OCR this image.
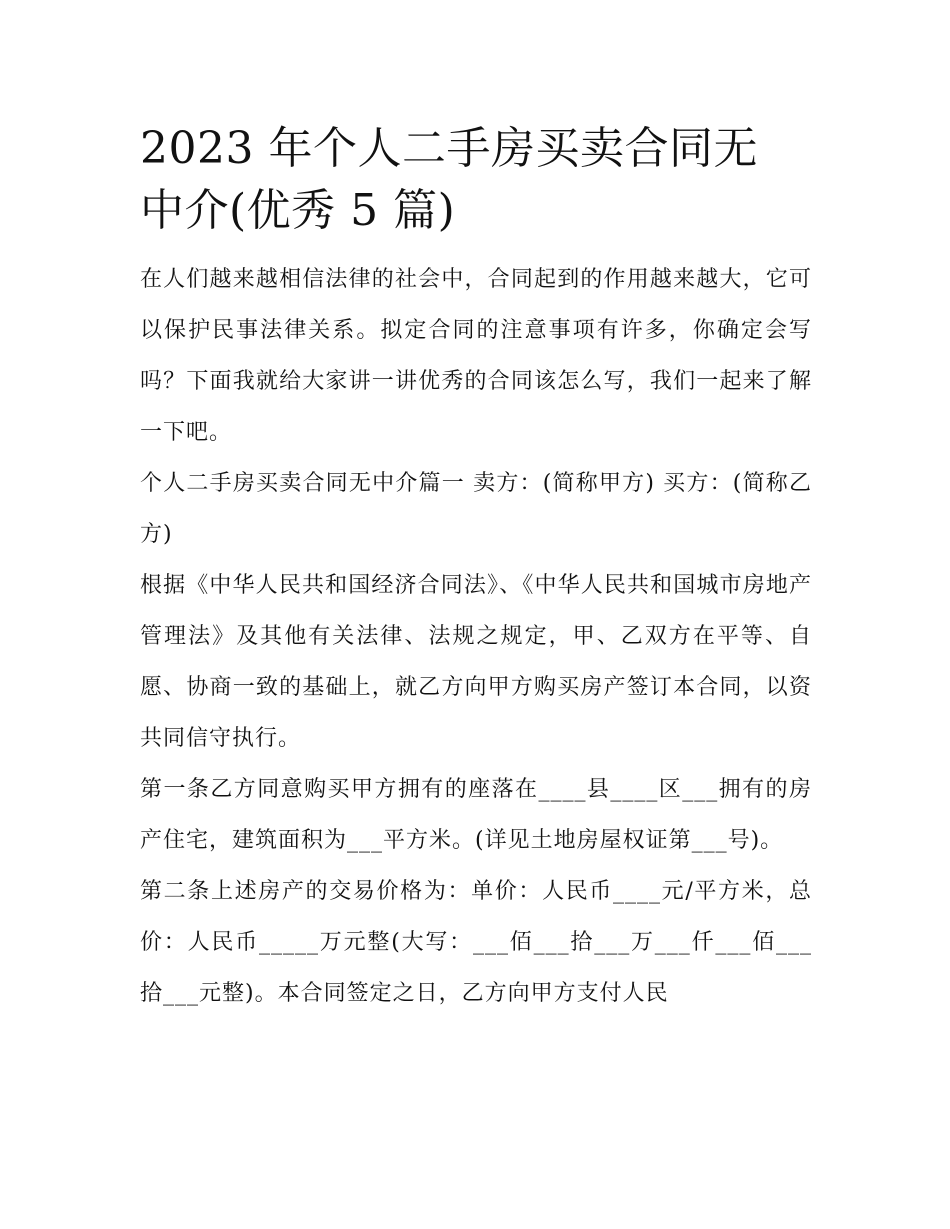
2023 年个人二手房买卖合同无
中介(优秀 5 篇)

在人们越来越相信法律的社会中，合同起到的作用越来越大，它可以保护民事法律关系。拟定合同的注意事项有许多，你确定会写吗？下面我就给大家讲一讲优秀的合同该怎么写，我们一起来了解一下吧。

个人二手房买卖合同无中介篇一 卖方：(简称甲方) 买方：(简称乙方)

根据《中华人民共和国经济合同法》、《中华人民共和国城市房地产管理法》及其他有关法律、法规之规定，甲、乙双方在平等、自愿、协商一致的基础上，就乙方向甲方购买房产签订本合同，以资共同信守执行。

第一条乙方同意购买甲方拥有的座落在____县____区___拥有的房产住宅，建筑面积为___平方米。(详见土地房屋权证第___号)。

第二条上述房产的交易价格为：单价：人民币____元/平方米，总价：人民币_____万元整(大写：___佰___拾___万___仟___佰___拾___元整)。本合同签定之日，乙方向甲方支付人民
